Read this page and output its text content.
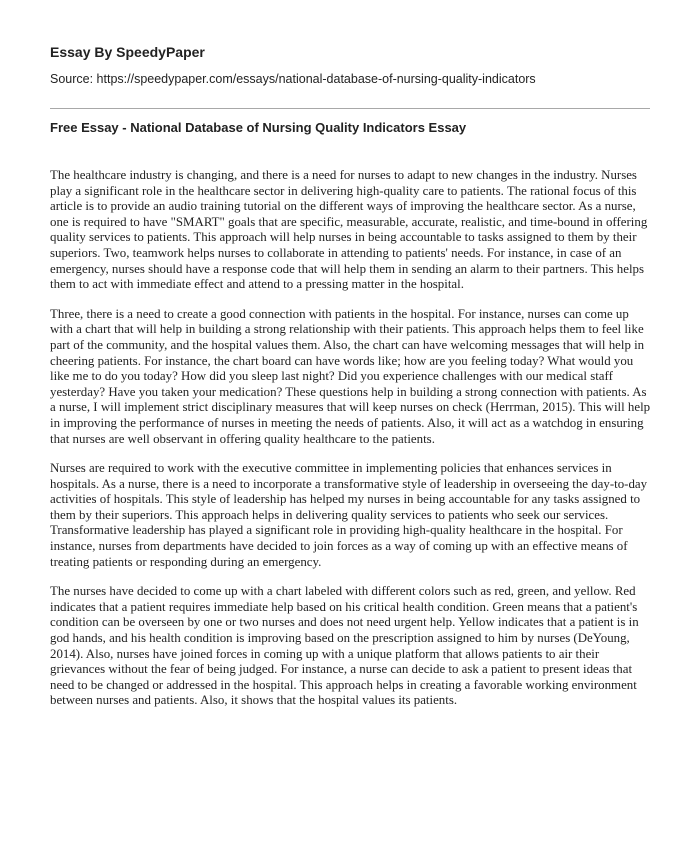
Essay By SpeedyPaper
Source: https://speedypaper.com/essays/national-database-of-nursing-quality-indicators
Free Essay - National Database of Nursing Quality Indicators Essay

The healthcare industry is changing, and there is a need for nurses to adapt to new changes in the industry. Nurses play a significant role in the healthcare sector in delivering high-quality care to patients. The rational focus of this article is to provide an audio training tutorial on the different ways of improving the healthcare sector. As a nurse, one is required to have "SMART" goals that are specific, measurable, accurate, realistic, and time-bound in offering quality services to patients. This approach will help nurses in being accountable to tasks assigned to them by their superiors. Two, teamwork helps nurses to collaborate in attending to patients' needs. For instance, in case of an emergency, nurses should have a response code that will help them in sending an alarm to their partners. This helps them to act with immediate effect and attend to a pressing matter in the hospital.

Three, there is a need to create a good connection with patients in the hospital. For instance, nurses can come up with a chart that will help in building a strong relationship with their patients. This approach helps them to feel like part of the community, and the hospital values them. Also, the chart can have welcoming messages that will help in cheering patients. For instance, the chart board can have words like; how are you feeling today? What would you like me to do you today? How did you sleep last night? Did you experience challenges with our medical staff yesterday? Have you taken your medication? These questions help in building a strong connection with patients. As a nurse, I will implement strict disciplinary measures that will keep nurses on check (Herrman, 2015). This will help in improving the performance of nurses in meeting the needs of patients. Also, it will act as a watchdog in ensuring that nurses are well observant in offering quality healthcare to the patients.

Nurses are required to work with the executive committee in implementing policies that enhances services in hospitals. As a nurse, there is a need to incorporate a transformative style of leadership in overseeing the day-to-day activities of hospitals. This style of leadership has helped my nurses in being accountable for any tasks assigned to them by their superiors. This approach helps in delivering quality services to patients who seek our services. Transformative leadership has played a significant role in providing high-quality healthcare in the hospital. For instance, nurses from departments have decided to join forces as a way of coming up with an effective means of treating patients or responding during an emergency.

The nurses have decided to come up with a chart labeled with different colors such as red, green, and yellow. Red indicates that a patient requires immediate help based on his critical health condition. Green means that a patient's condition can be overseen by one or two nurses and does not need urgent help. Yellow indicates that a patient is in god hands, and his health condition is improving based on the prescription assigned to him by nurses (DeYoung, 2014). Also, nurses have joined forces in coming up with a unique platform that allows patients to air their grievances without the fear of being judged. For instance, a nurse can decide to ask a patient to present ideas that need to be changed or addressed in the hospital. This approach helps in creating a favorable working environment between nurses and patients. Also, it shows that the hospital values its patients.
